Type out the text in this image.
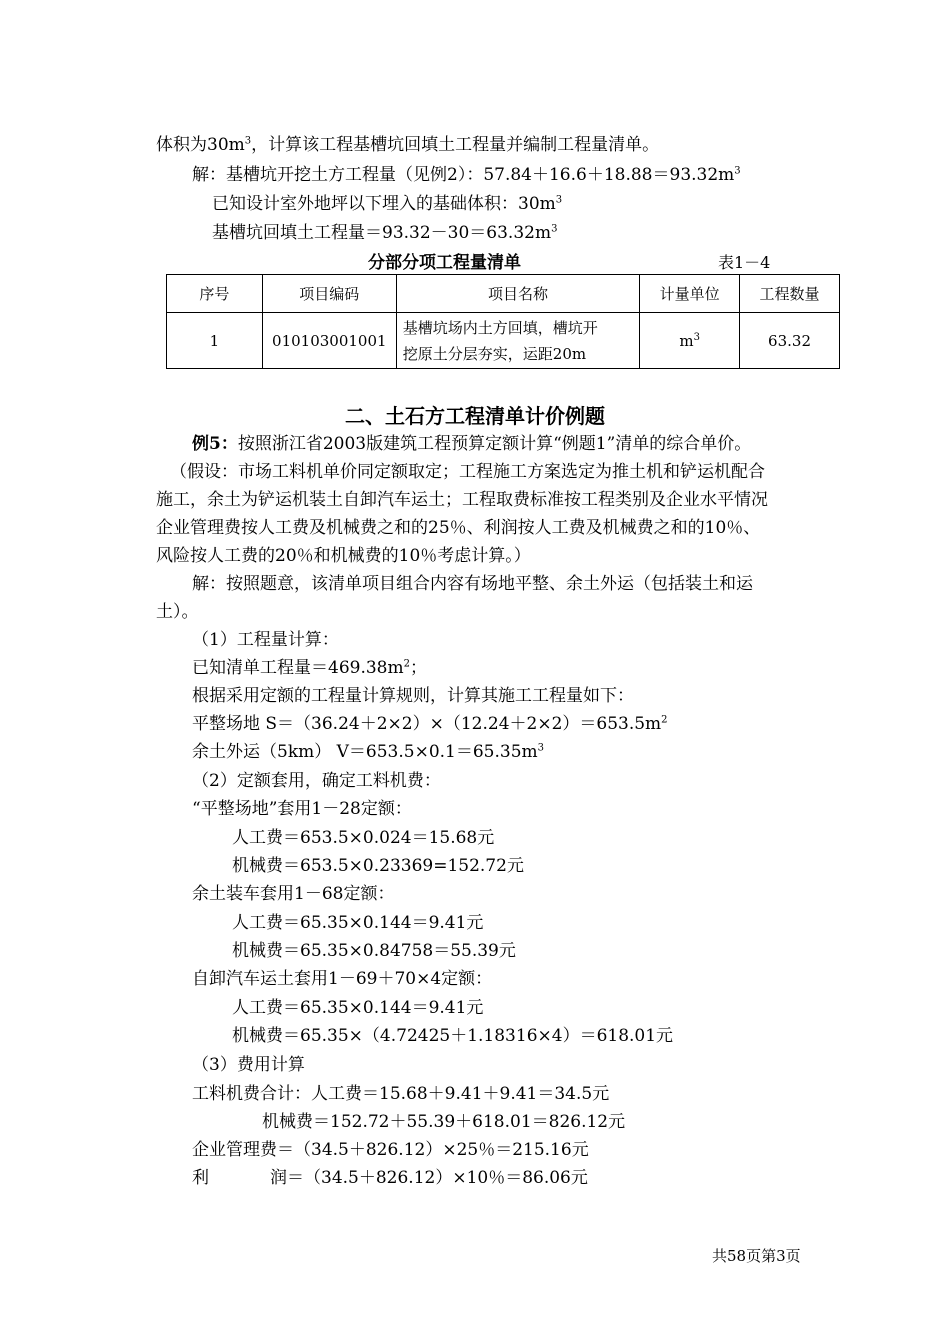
体积为$30m^3$，计算该工程基槽坑回填土工程量并编制工程量清单。
解：基槽坑开挖土方工程量（见例2）：$57.84+16.6+18.88=93.32m^3$
已知设计室外地坪以下埋入的基础体积：$30m^3$
基槽坑回填土工程量$=93.32-30=63.32m^3$
分部分项工程量清单	表1－4
序号	项目编码	项目名称	计量单位	工程数量
1	010103001001	基槽坑场内土方回填，槽坑开
挖原土分层夯实，运距20m	$m^3$	63.32
二、土石方工程清单计价例题
例5：按照浙江省2003版建筑工程预算定额计算“例题1”清单的综合单价。
（假设：市场工料机单价同定额取定；工程施工方案选定为推土机和铲运机配合
施工，余土为铲运机装土自卸汽车运土；工程取费标准按工程类别及企业水平情况
企业管理费按人工费及机械费之和的25％、利润按人工费及机械费之和的10％、
风险按人工费的20％和机械费的10％考虑计算。）
解：按照题意，该清单项目组合内容有场地平整、余土外运（包括装土和运
土）。
（1）工程量计算：
已知清单工程量$=469.38m^2$；
根据采用定额的工程量计算规则，计算其施工工程量如下：
平整场地 $S=(36.24+2\times 2)\times(12.24+2\times 2)=653.5m^2$
余土外运（5km） $V=653.5\times 0.1=65.35m^3$
（2）定额套用，确定工料机费：
“平整场地”套用1－28定额：
人工费＝653.5×0.024＝15.68元
机械费＝653.5×0.23369=152.72元
余土装车套用1－68定额：
人工费＝65.35×0.144＝9.41元
机械费＝65.35×0.84758＝55.39元
自卸汽车运土套用1－69＋70×4定额：
人工费＝65.35×0.144＝9.41元
机械费＝65.35×（4.72425＋1.18316×4）＝618.01元
（3）费用计算
工料机费合计：人工费＝15.68＋9.41＋9.41＝34.5元
机械费＝152.72＋55.39＋618.01＝826.12元
企业管理费＝（34.5＋826.12）×25％＝215.16元
利	润＝（34.5＋826.12）×10％＝86.06元
共58页第3页
